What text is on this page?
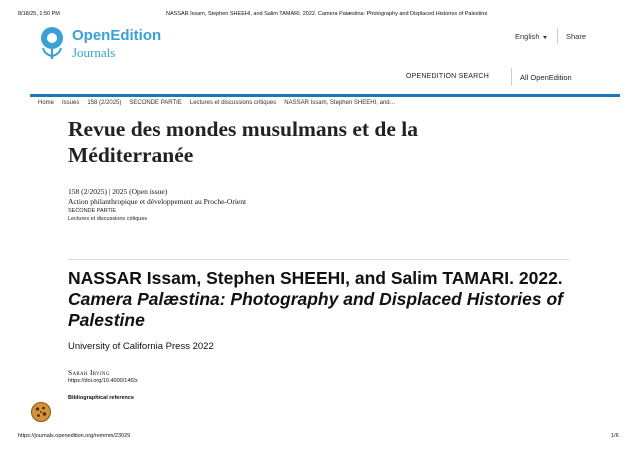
8/18/25, 1:50 PM	NASSAR Issam, Stephen SHEEHI, and Salim TAMARI. 2022. Camera Palæstina: Photography and Displaced Histories of Palestine
OpenEdition
Journals
English	Share
OPENEDITION SEARCH	All OpenEdition
Home	Issues	158 (2/2025)	SECONDE PARTIE	Lectures et discussions critiques	NASSAR Issam, Stephen SHEEHI, and…
Revue des mondes musulmans et de la Méditerranée
158 (2/2025) | 2025 (Open issue)
Action philanthropique et développement au Proche-Orient
SECONDE PARTIE
Lectures et discussions critiques
NASSAR Issam, Stephen SHEEHI, and Salim TAMARI. 2022. Camera Palæstina: Photography and Displaced Histories of Palestine
University of California Press 2022
Sarah Irving
https://doi.org/10.4000/14f2x
Bibliographical reference
https://journals.openedition.org/remmm/23029	1/6
